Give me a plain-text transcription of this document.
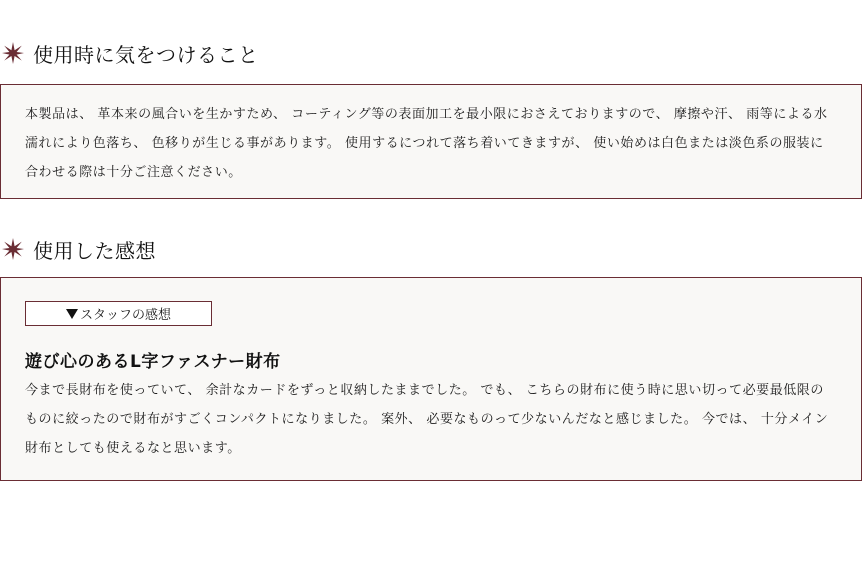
使用時に気をつけること

本製品は、 革本来の風合いを生かすため、 コーティング等の表面加工を最小限におさえておりますので、 摩擦や汗、 雨等による水濡れにより色落ち、 色移りが生じる事があります。 使用するにつれて落ち着いてきますが、 使い始めは白色または淡色系の服装に合わせる際は十分ご注意ください。

使用した感想
スタッフの感想
遊び心のあるL字ファスナー財布

今まで長財布を使っていて、 余計なカードをずっと収納したままでした。 でも、 こちらの財布に使う時に思い切って必要最低限のものに絞ったので財布がすごくコンパクトになりました。 案外、 必要なものって少ないんだなと感じました。 今では、 十分メイン財布としても使えるなと思います。
